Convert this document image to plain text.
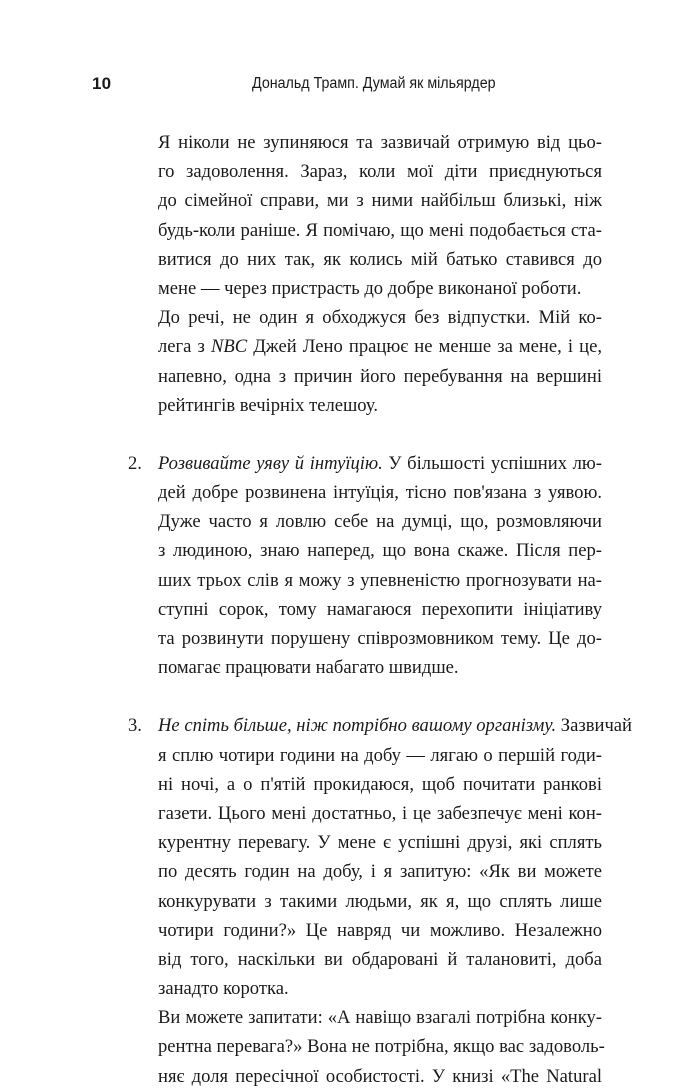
10	Дональд Трамп. Думай як мільярдер
Я ніколи не зупиняюся та зазвичай отримую від цьо-
го задоволення. Зараз, коли мої діти приєднуються
до сімейної справи, ми з ними найбільш близькі, ніж
будь-коли раніше. Я помічаю, що мені подобається ста-
витися до них так, як колись мій батько ставився до
мене — через пристрасть до добре виконаної роботи.
До речі, не один я обходжуся без відпустки. Мій ко-
лега з NBC Джей Лено працює не менше за мене, і це,
напевно, одна з причин його перебування на вершині
рейтингів вечірніх телешоу.
2. Розвивайте уяву й інтуїцію. У більшості успішних лю-
дей добре розвинена інтуїція, тісно пов'язана з уявою.
Дуже часто я ловлю себе на думці, що, розмовляючи
з людиною, знаю наперед, що вона скаже. Після пер-
ших трьох слів я можу з упевненістю прогнозувати на-
ступні сорок, тому намагаюся перехопити ініціативу
та розвинути порушену співрозмовником тему. Це до-
помагає працювати набагато швидше.
3. Не спіть більше, ніж потрібно вашому організму. Зазвичай
я сплю чотири години на добу — лягаю о першій годи-
ні ночі, а о п'ятій прокидаюся, щоб почитати ранкові
газети. Цього мені достатньо, і це забезпечує мені кон-
курентну перевагу. У мене є успішні друзі, які сплять
по десять годин на добу, і я запитую: «Як ви можете
конкурувати з такими людьми, як я, що сплять лише
чотири години?» Це навряд чи можливо. Незалежно
від того, наскільки ви обдаровані й талановиті, доба
занадто коротка.
Ви можете запитати: «А навіщо взагалі потрібна конку-
рентна перевага?» Вона не потрібна, якщо вас задоволь-
няє доля пересічної особистості. У книзі «The Natural
